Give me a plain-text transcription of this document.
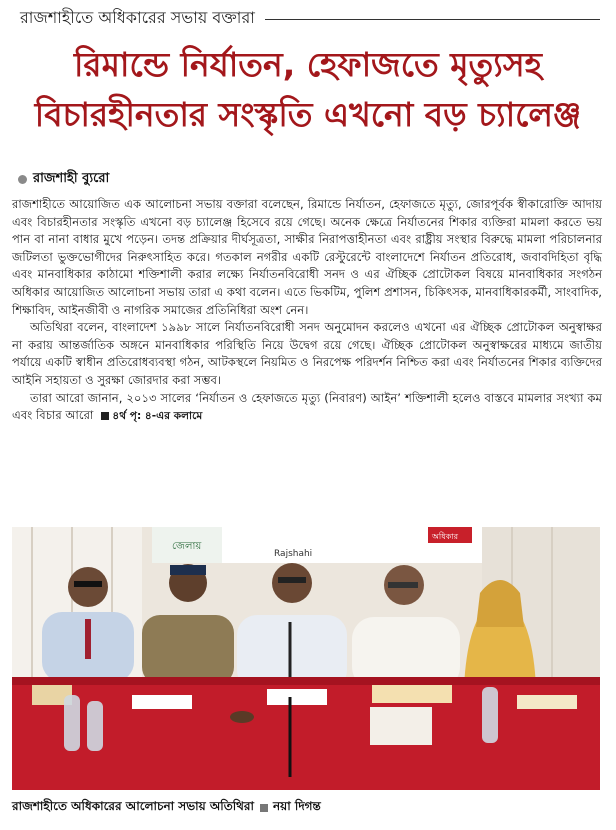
রাজশাহীতে অধিকারের সভায় বক্তারা
রিমান্ডে নির্যাতন, হেফাজতে মৃত্যুসহ
বিচারহীনতার সংস্কৃতি এখনো বড় চ্যালেঞ্জ
রাজশাহী ব্যুরো

রাজশাহীতে আয়োজিত এক আলোচনা সভায় বক্তারা বলেছেন, রিমান্ডে নির্যাতন, হেফাজতে মৃত্যু, জোরপূর্বক স্বীকারোক্তি আদায় এবং বিচারহীনতার সংস্কৃতি এখনো বড় চ্যালেঞ্জ হিসেবে রয়ে গেছে। অনেক ক্ষেত্রে নির্যাতনের শিকার ব্যক্তিরা মামলা করতে ভয় পান বা নানা বাধার মুখে পড়েন। তদন্ত প্রক্রিয়ার দীর্ঘসূত্রতা, সাক্ষীর নিরাপত্তাহীনতা এবং রাষ্ট্রীয় সংস্থার বিরুদ্ধে মামলা পরিচালনার জটিলতা ভুক্তভোগীদের নিরুৎসাহিত করে। গতকাল নগরীর একটি রেস্টুরেন্টে বাংলাদেশে নির্যাতন প্রতিরোধ, জবাবদিহিতা বৃদ্ধি এবং মানবাধিকার কাঠামো শক্তিশালী করার লক্ষ্যে নির্যাতনবিরোধী সনদ ও এর ঐচ্ছিক প্রোটোকল বিষয়ে মানবাধিকার সংগঠন অধিকার আয়োজিত আলোচনা সভায় তারা এ কথা বলেন। এতে ভিকটিম, পুলিশ প্রশাসন, চিকিৎসক, মানবাধিকারকর্মী, সাংবাদিক, শিক্ষাবিদ, আইনজীবী ও নাগরিক সমাজের প্রতিনিধিরা অংশ নেন।

অতিথিরা বলেন, বাংলাদেশ ১৯৯৮ সালে নির্যাতনবিরোধী সনদ অনুমোদন করলেও এখনো এর ঐচ্ছিক প্রোটোকল অনুস্বাক্ষর না করায় আন্তর্জাতিক অঙ্গনে মানবাধিকার পরিস্থিতি নিয়ে উদ্বেগ রয়ে গেছে। ঐচ্ছিক প্রোটোকল অনুস্বাক্ষরের মাধ্যমে জাতীয় পর্যায়ে একটি স্বাধীন প্রতিরোধব্যবস্থা গঠন, আটকস্থলে নিয়মিত ও নিরপেক্ষ পরিদর্শন নিশ্চিত করা এবং নির্যাতনের শিকার ব্যক্তিদের আইনি সহায়তা ও সুরক্ষা জোরদার করা সম্ভব।

তারা আরো জানান, ২০১৩ সালের ‘নির্যাতন ও হেফাজতে মৃত্যু (নিবারণ) আইন’ শক্তিশালী হলেও বাস্তবে মামলার সংখ্যা কম এবং বিচার আরো ৪র্থ পৃ: ৪-এর কলামে

জেলায়
Rajshahi
অধিকার
রাজশাহীতে অধিকারের আলোচনা সভায় অতিথিরা নয়া দিগন্ত
